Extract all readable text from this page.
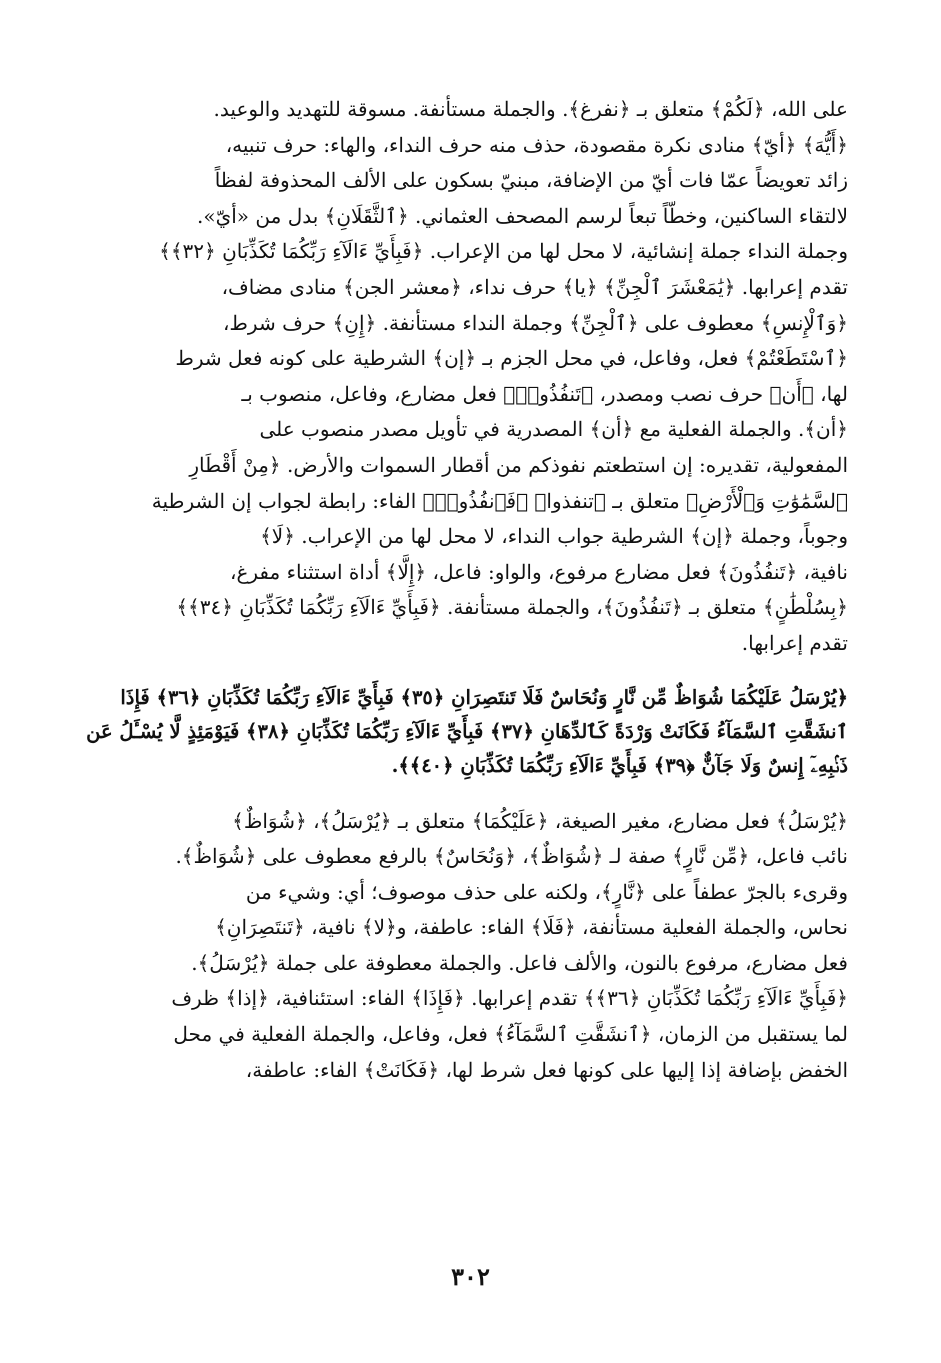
على الله، ﴿لَكُمْ﴾ متعلق بـ ﴿نفرغ﴾. والجملة مستأنفة. مسوقة للتهديد والوعيد.

﴿أَيُّهَ﴾ ﴿أيّ﴾ منادى نكرة مقصودة، حذف منه حرف النداء، والهاء: حرف تنبيه،

زائد تعويضاً عمّا فات أيّ من الإضافة، مبنيّ بسكون على الألف المحذوفة لفظاً

لالتقاء الساكنين، وخطّاً تبعاً لرسم المصحف العثماني. ﴿ٱلثَّقَلَانِ﴾ بدل من «أيّ».

وجملة النداء جملة إنشائية، لا محل لها من الإعراب. ﴿فَبِأَيِّ ءَالَآءِ رَبِّكُمَا تُكَذِّبَانِ ﴿٣٢﴾﴾

تقدم إعرابها. ﴿يَٰمَعْشَرَ ٱلْجِنِّ﴾ ﴿يا﴾ حرف نداء، ﴿معشر الجن﴾ منادى مضاف،

﴿وَٱلْإِنسِ﴾ معطوف على ﴿ٱلْجِنِّ﴾ وجملة النداء مستأنفة. ﴿إِنِ﴾ حرف شرط،

﴿ٱسْتَطَعْتُمْ﴾ فعل، وفاعل، في محل الجزم بـ ﴿إن﴾ الشرطية على كونه فعل شرط

لها، ﴿أَن﴾ حرف نصب ومصدر، ﴿تَنفُذُوا۟﴾ فعل مضارع، وفاعل، منصوب بـ

﴿أن﴾. والجملة الفعلية مع ﴿أن﴾ المصدرية في تأويل مصدر منصوب على

المفعولية، تقديره: إن استطعتم نفوذكم من أقطار السموات والأرض. ﴿مِنْ أَقْطَارِ

ٱلسَّمَٰوَٰتِ وَٱلْأَرْضِ﴾ متعلق بـ ﴿تنفذوا﴾ ﴿فَٱنفُذُوا۟﴾ الفاء: رابطة لجواب إن الشرطية

وجوباً، وجملة ﴿إن﴾ الشرطية جواب النداء، لا محل لها من الإعراب. ﴿لَا﴾

نافية، ﴿تَنفُذُونَ﴾ فعل مضارع مرفوع، والواو: فاعل، ﴿إِلَّا﴾ أداة استثناء مفرغ،

﴿بِسُلْطَٰنٍ﴾ متعلق بـ ﴿تَنفُذُونَ﴾، والجملة مستأنفة. ﴿فَبِأَيِّ ءَالَآءِ رَبِّكُمَا تُكَذِّبَانِ ﴿٣٤﴾﴾

تقدم إعرابها.

﴿يُرْسَلُ عَلَيْكُمَا شُوَاظٌ مِّن نَّارٍ وَنُحَاسٌ فَلَا تَنتَصِرَانِ ﴿٣٥﴾ فَبِأَيِّ ءَالَآءِ رَبِّكُمَا تُكَذِّبَانِ ﴿٣٦﴾ فَإِذَا

ٱنشَقَّتِ ٱلسَّمَآءُ فَكَانَتْ وَرْدَةً كَٱلدِّهَانِ ﴿٣٧﴾ فَبِأَيِّ ءَالَآءِ رَبِّكُمَا تُكَذِّبَانِ ﴿٣٨﴾ فَيَوْمَئِذٍ لَّا يُسْـَٔلُ عَن

ذَنۢبِهِۦٓ إِنسٌ وَلَا جَآنٌّ ﴿٣٩﴾ فَبِأَيِّ ءَالَآءِ رَبِّكُمَا تُكَذِّبَانِ ﴿٤٠﴾﴾.

﴿يُرْسَلُ﴾ فعل مضارع، مغير الصيغة، ﴿عَلَيْكُمَا﴾ متعلق بـ ﴿يُرْسَلُ﴾، ﴿شُوَاظٌ﴾

نائب فاعل، ﴿مِّن نَّارٍ﴾ صفة لـ ﴿شُوَاظٌ﴾، ﴿وَنُحَاسٌ﴾ بالرفع معطوف على ﴿شُوَاظٌ﴾.

وقرىء بالجرّ عطفاً على ﴿نَّارٍ﴾، ولكنه على حذف موصوف؛ أي: وشيء من

نحاس، والجملة الفعلية مستأنفة، ﴿فَلَا﴾ الفاء: عاطفة، و﴿لا﴾ نافية، ﴿تَنتَصِرَانِ﴾

فعل مضارع، مرفوع بالنون، والألف فاعل. والجملة معطوفة على جملة ﴿يُرْسَلُ﴾.

﴿فَبِأَيِّ ءَالَآءِ رَبِّكُمَا تُكَذِّبَانِ ﴿٣٦﴾﴾ تقدم إعرابها. ﴿فَإِذَا﴾ الفاء: استئنافية، ﴿إذا﴾ ظرف

لما يستقبل من الزمان، ﴿ٱنشَقَّتِ ٱلسَّمَآءُ﴾ فعل، وفاعل، والجملة الفعلية في محل

الخفض بإضافة إذا إليها على كونها فعل شرط لها، ﴿فَكَانَتْ﴾ الفاء: عاطفة،

٣٠٢
